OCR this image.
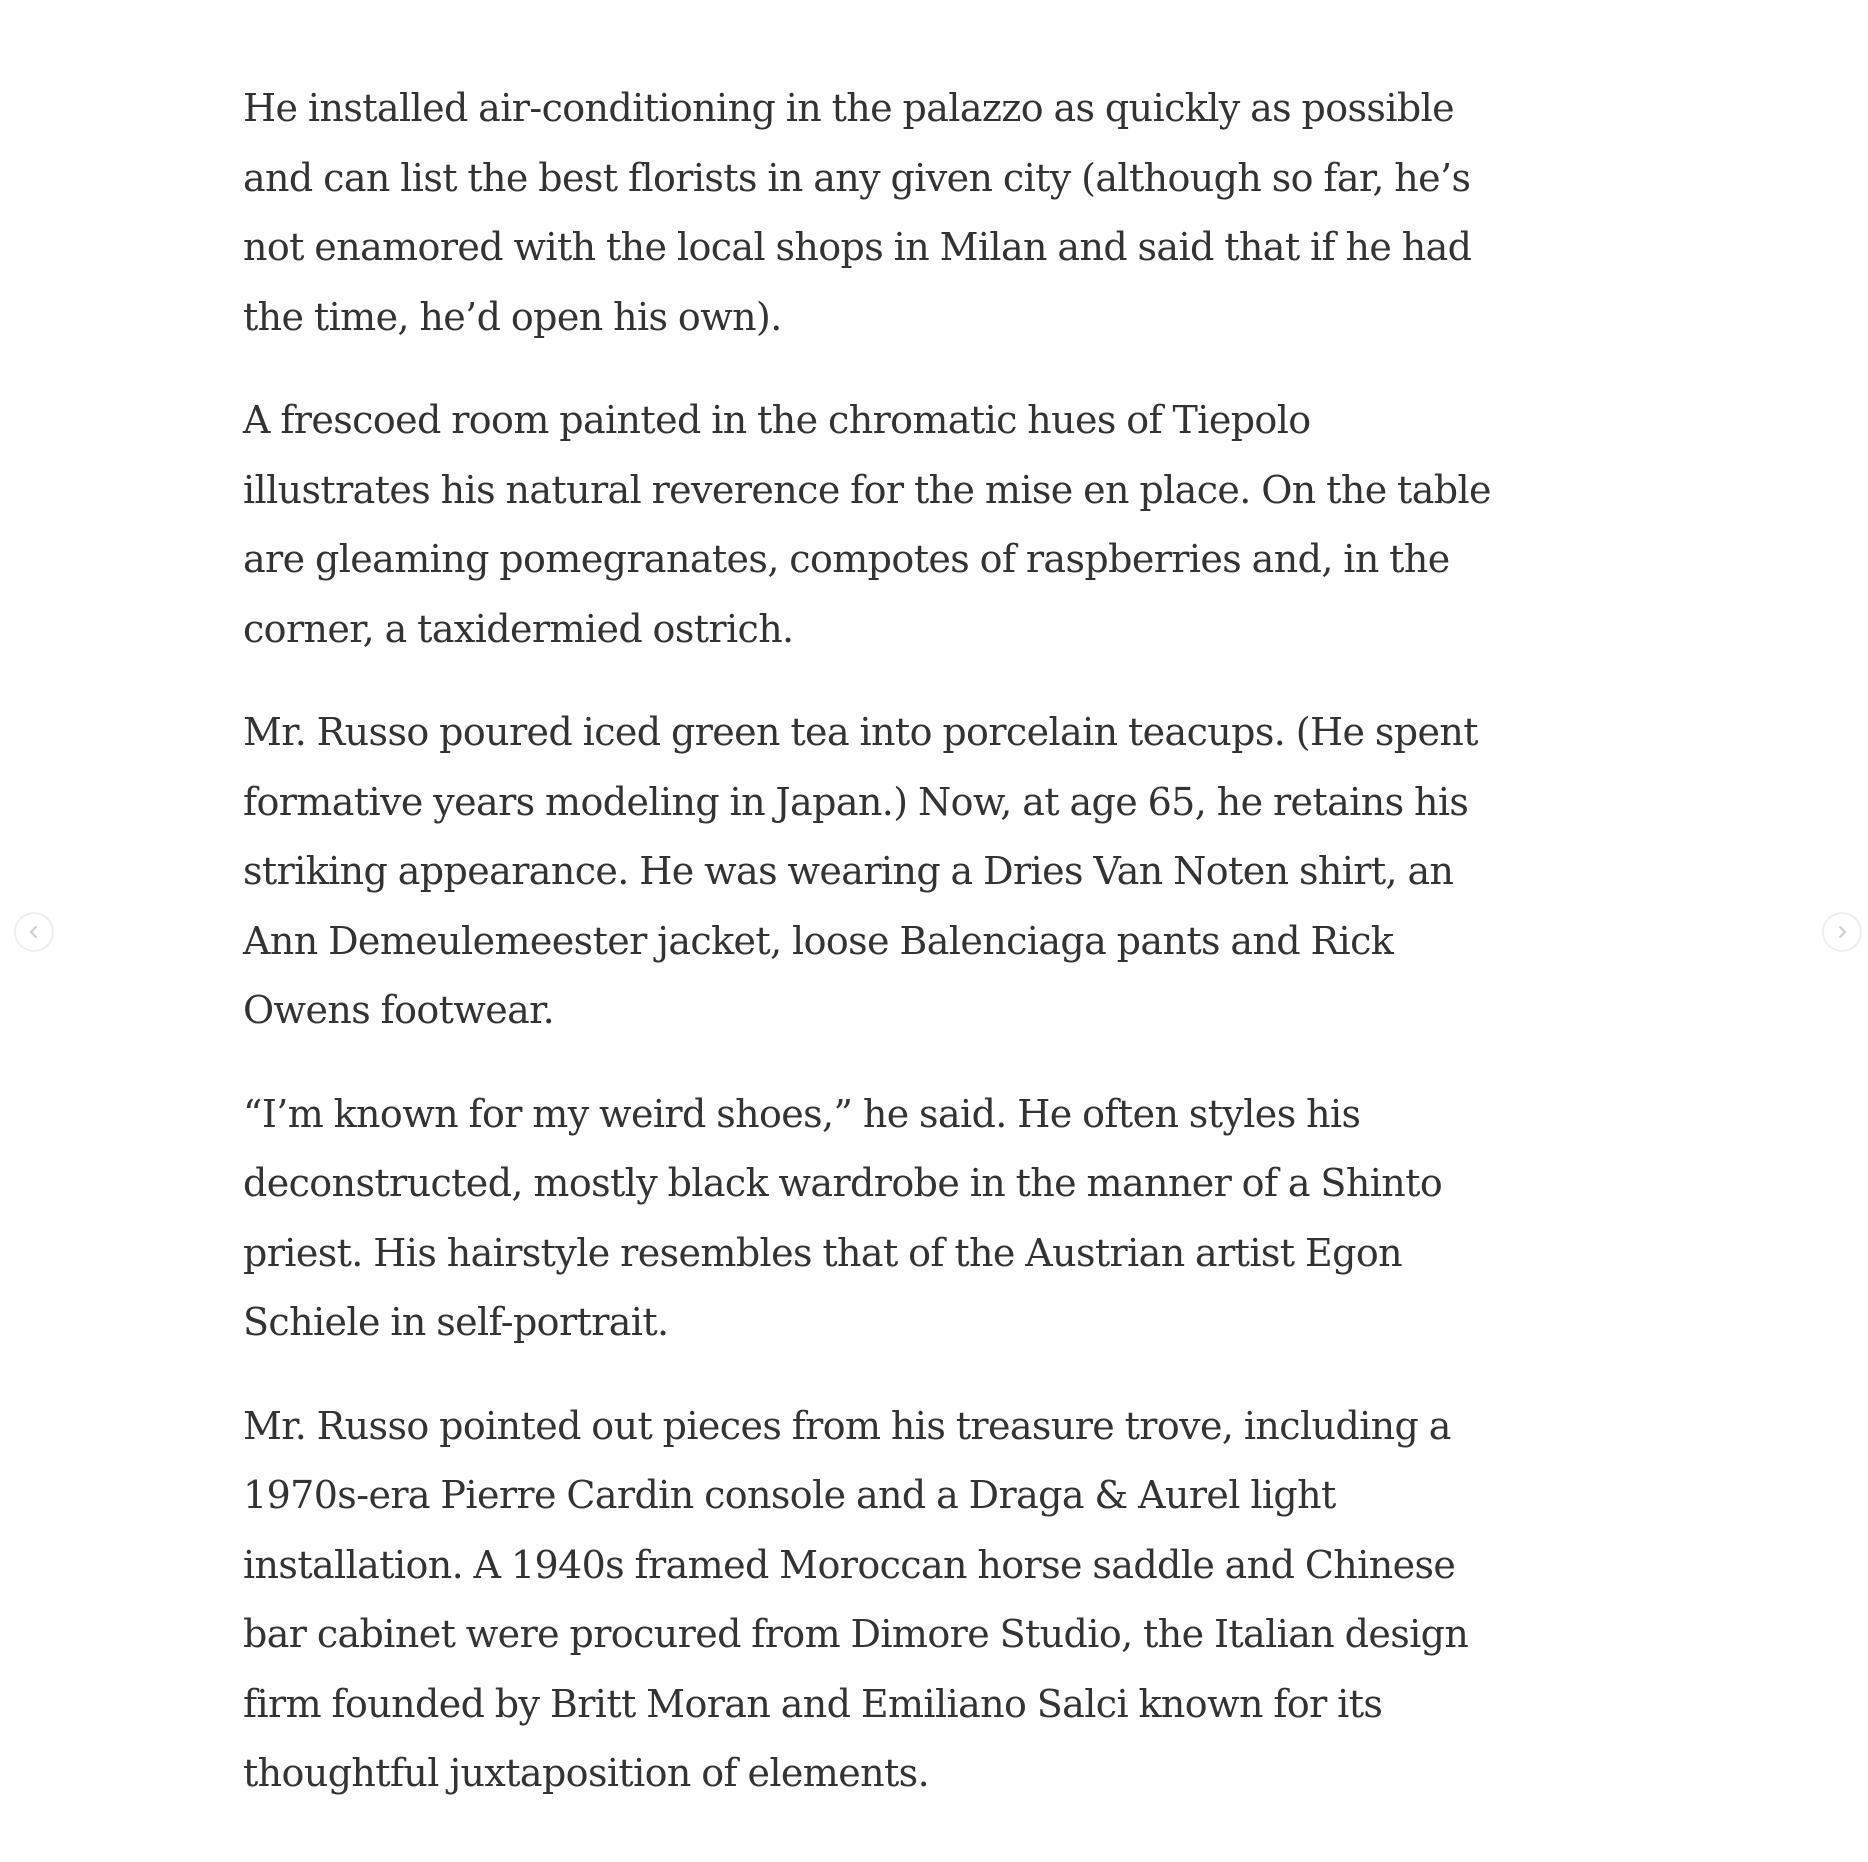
He installed air-conditioning in the palazzo as quickly as possible
and can list the best florists in any given city (although so far, he’s
not enamored with the local shops in Milan and said that if he had
the time, he’d open his own).

A frescoed room painted in the chromatic hues of Tiepolo
illustrates his natural reverence for the mise en place. On the table
are gleaming pomegranates, compotes of raspberries and, in the
corner, a taxidermied ostrich.

Mr. Russo poured iced green tea into porcelain teacups. (He spent
formative years modeling in Japan.) Now, at age 65, he retains his
striking appearance. He was wearing a Dries Van Noten shirt, an
Ann Demeulemeester jacket, loose Balenciaga pants and Rick
Owens footwear.

“I’m known for my weird shoes,” he said. He often styles his
deconstructed, mostly black wardrobe in the manner of a Shinto
priest. His hairstyle resembles that of the Austrian artist Egon
Schiele in self-portrait.

Mr. Russo pointed out pieces from his treasure trove, including a
1970s-era Pierre Cardin console and a Draga & Aurel light
installation. A 1940s framed Moroccan horse saddle and Chinese
bar cabinet were procured from Dimore Studio, the Italian design
firm founded by Britt Moran and Emiliano Salci known for its
thoughtful juxtaposition of elements.
